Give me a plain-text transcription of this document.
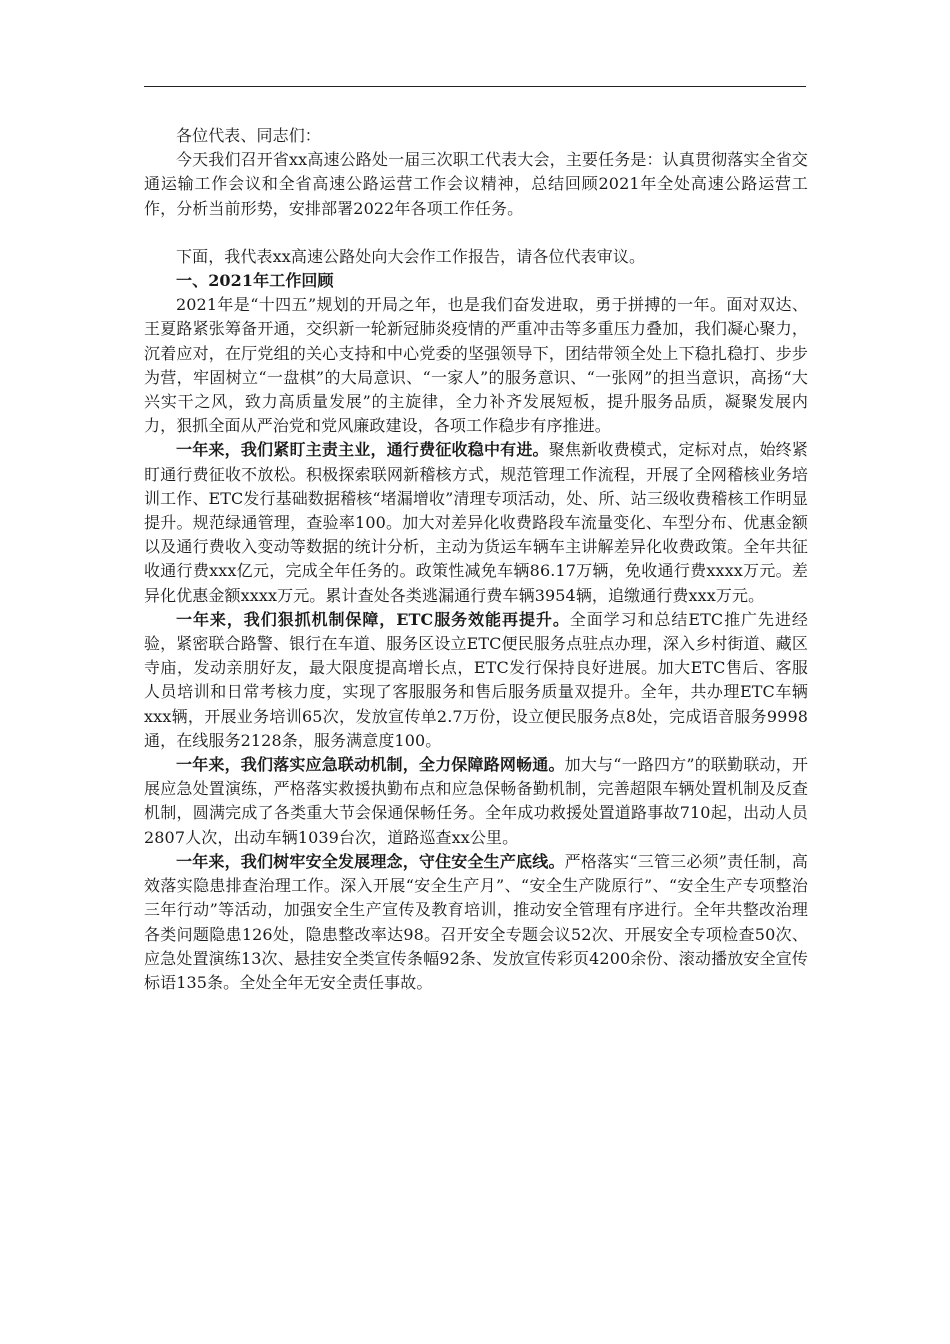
各位代表、同志们：

今天我们召开省xx高速公路处一届三次职工代表大会，主要任务是：认真贯彻落实全省交通运输工作会议和全省高速公路运营工作会议精神，总结回顾2021年全处高速公路运营工作，分析当前形势，安排部署2022年各项工作任务。

下面，我代表xx高速公路处向大会作工作报告，请各位代表审议。

一、2021年工作回顾

2021年是“十四五”规划的开局之年，也是我们奋发进取，勇于拼搏的一年。面对双达、王夏路紧张筹备开通，交织新一轮新冠肺炎疫情的严重冲击等多重压力叠加，我们凝心聚力，沉着应对，在厅党组的关心支持和中心党委的坚强领导下，团结带领全处上下稳扎稳打、步步为营，牢固树立“一盘棋”的大局意识、“一家人”的服务意识、“一张网”的担当意识，高扬“大兴实干之风，致力高质量发展”的主旋律，全力补齐发展短板，提升服务品质，凝聚发展内力，狠抓全面从严治党和党风廉政建设，各项工作稳步有序推进。

一年来，我们紧盯主责主业，通行费征收稳中有进。聚焦新收费模式，定标对点，始终紧盯通行费征收不放松。积极探索联网新稽核方式，规范管理工作流程，开展了全网稽核业务培训工作、ETC发行基础数据稽核“堵漏增收”清理专项活动，处、所、站三级收费稽核工作明显提升。规范绿通管理，查验率100。加大对差异化收费路段车流量变化、车型分布、优惠金额以及通行费收入变动等数据的统计分析，主动为货运车辆车主讲解差异化收费政策。全年共征收通行费xxx亿元，完成全年任务的。政策性减免车辆86.17万辆，免收通行费xxxx万元。差异化优惠金额xxxx万元。累计查处各类逃漏通行费车辆3954辆，追缴通行费xxx万元。

一年来，我们狠抓机制保障，ETC服务效能再提升。全面学习和总结ETC推广先进经验，紧密联合路警、银行在车道、服务区设立ETC便民服务点驻点办理，深入乡村街道、藏区寺庙，发动亲朋好友，最大限度提高增长点，ETC发行保持良好进展。加大ETC售后、客服人员培训和日常考核力度，实现了客服服务和售后服务质量双提升。全年，共办理ETC车辆xxx辆，开展业务培训65次，发放宣传单2.7万份，设立便民服务点8处，完成语音服务9998通，在线服务2128条，服务满意度100。

一年来，我们落实应急联动机制，全力保障路网畅通。加大与“一路四方”的联勤联动，开展应急处置演练，严格落实救援执勤布点和应急保畅备勤机制，完善超限车辆处置机制及反查机制，圆满完成了各类重大节会保通保畅任务。全年成功救援处置道路事故710起，出动人员2807人次，出动车辆1039台次，道路巡查xx公里。

一年来，我们树牢安全发展理念，守住安全生产底线。严格落实“三管三必须”责任制，高效落实隐患排查治理工作。深入开展“安全生产月”、“安全生产陇原行”、“安全生产专项整治三年行动”等活动，加强安全生产宣传及教育培训，推动安全管理有序进行。全年共整改治理各类问题隐患126处，隐患整改率达98。召开安全专题会议52次、开展安全专项检查50次、应急处置演练13次、悬挂安全类宣传条幅92条、发放宣传彩页4200余份、滚动播放安全宣传标语135条。全处全年无安全责任事故。
